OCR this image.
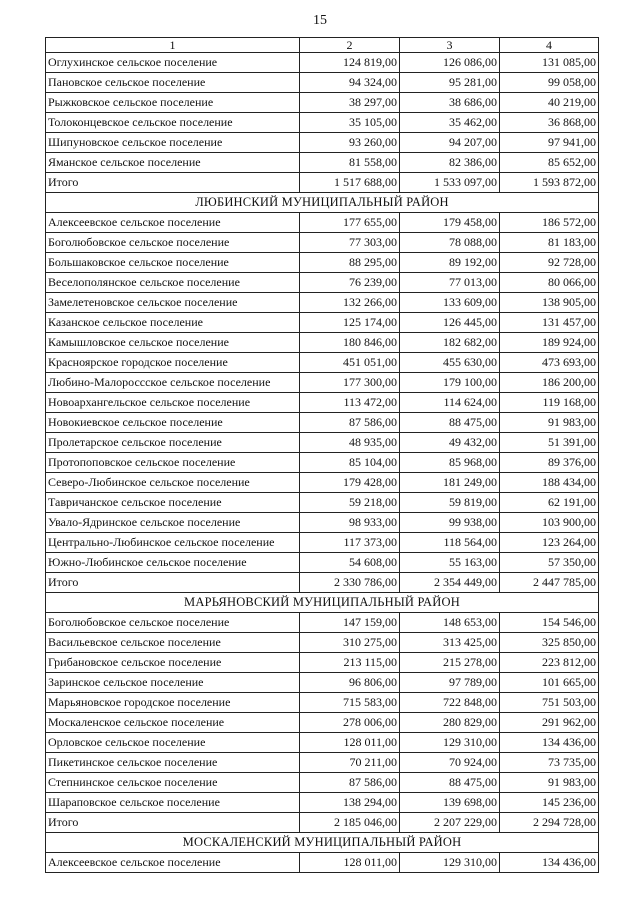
15
1	2	3	4
Оглухинское сельское поселение	124 819,00	126 086,00	131 085,00
Пановское сельское поселение	94 324,00	95 281,00	99 058,00
Рыжковское сельское поселение	38 297,00	38 686,00	40 219,00
Толоконцевское сельское поселение	35 105,00	35 462,00	36 868,00
Шипуновское сельское поселение	93 260,00	94 207,00	97 941,00
Яманское сельское поселение	81 558,00	82 386,00	85 652,00
Итого	1 517 688,00	1 533 097,00	1 593 872,00
ЛЮБИНСКИЙ МУНИЦИПАЛЬНЫЙ РАЙОН			
Алексеевское сельское поселение	177 655,00	179 458,00	186 572,00
Боголюбовское сельское поселение	77 303,00	78 088,00	81 183,00
Большаковское сельское поселение	88 295,00	89 192,00	92 728,00
Веселополянское сельское поселение	76 239,00	77 013,00	80 066,00
Замелетеновское сельское поселение	132 266,00	133 609,00	138 905,00
Казанское сельское поселение	125 174,00	126 445,00	131 457,00
Камышловское сельское поселение	180 846,00	182 682,00	189 924,00
Красноярское городское поселение	451 051,00	455 630,00	473 693,00
Любино-Малороссское сельское поселение	177 300,00	179 100,00	186 200,00
Новоархангельское сельское поселение	113 472,00	114 624,00	119 168,00
Новокиевское сельское поселение	87 586,00	88 475,00	91 983,00
Пролетарское сельское поселение	48 935,00	49 432,00	51 391,00
Протопоповское сельское поселение	85 104,00	85 968,00	89 376,00
Северо-Любинское сельское поселение	179 428,00	181 249,00	188 434,00
Тавричанское сельское поселение	59 218,00	59 819,00	62 191,00
Увало-Ядринское сельское поселение	98 933,00	99 938,00	103 900,00
Центрально-Любинское сельское поселение	117 373,00	118 564,00	123 264,00
Южно-Любинское сельское поселение	54 608,00	55 163,00	57 350,00
Итого	2 330 786,00	2 354 449,00	2 447 785,00
МАРЬЯНОВСКИЙ МУНИЦИПАЛЬНЫЙ РАЙОН			
Боголюбовское сельское поселение	147 159,00	148 653,00	154 546,00
Васильевское сельское поселение	310 275,00	313 425,00	325 850,00
Грибановское сельское поселение	213 115,00	215 278,00	223 812,00
Заринское сельское поселение	96 806,00	97 789,00	101 665,00
Марьяновское городское поселение	715 583,00	722 848,00	751 503,00
Москаленское сельское поселение	278 006,00	280 829,00	291 962,00
Орловское сельское поселение	128 011,00	129 310,00	134 436,00
Пикетинское сельское поселение	70 211,00	70 924,00	73 735,00
Степнинское сельское поселение	87 586,00	88 475,00	91 983,00
Шараповское сельское поселение	138 294,00	139 698,00	145 236,00
Итого	2 185 046,00	2 207 229,00	2 294 728,00
МОСКАЛЕНСКИЙ МУНИЦИПАЛЬНЫЙ РАЙОН			
Алексеевское сельское поселение	128 011,00	129 310,00	134 436,00
